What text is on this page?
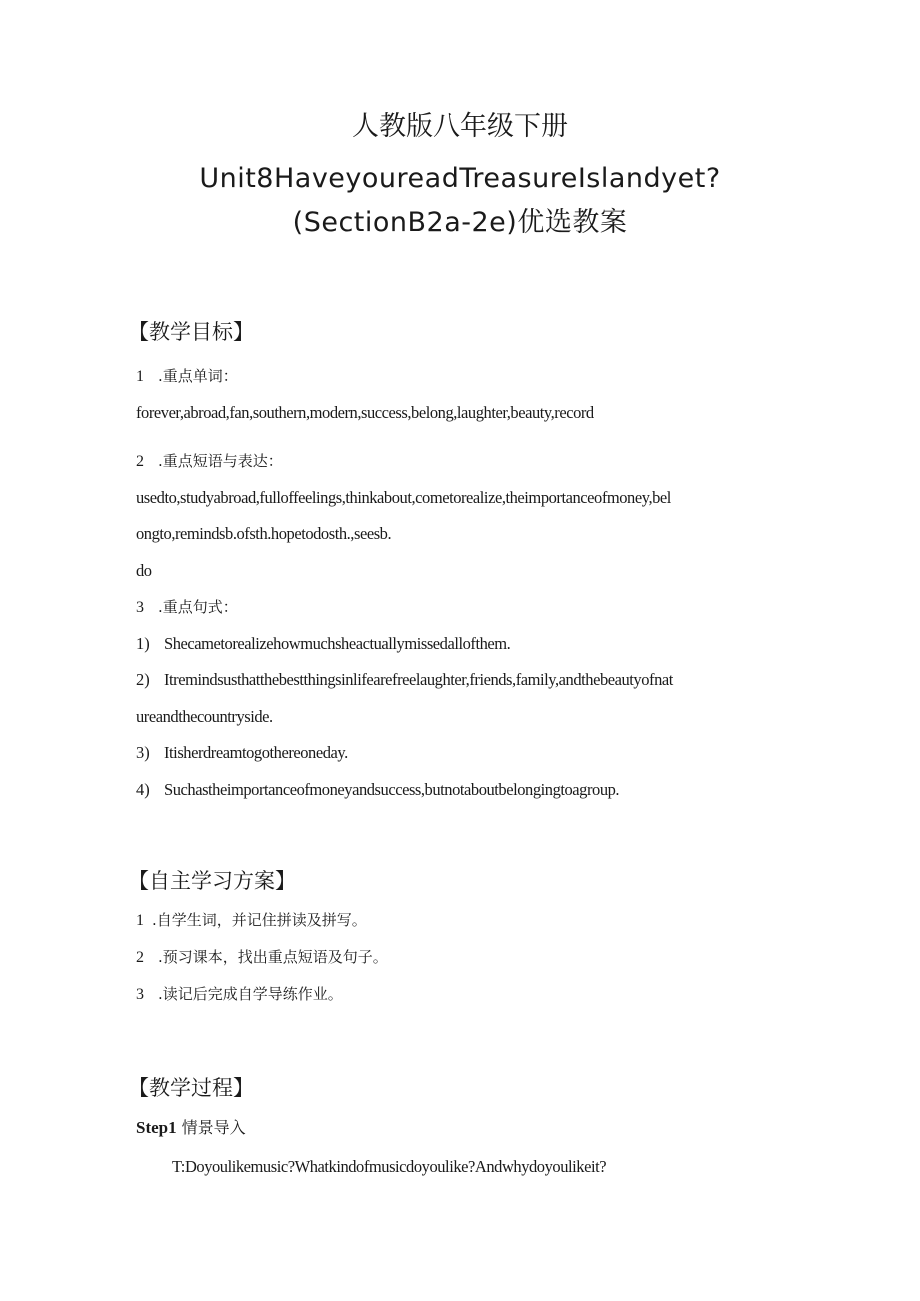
人教版八年级下册
Unit8HaveyoureadTreasureIslandyet?
(SectionB2a-2e)优选教案
【教学目标】
1 .重点单词：
forever,abroad,fan,southern,modern,success,belong,laughter,beauty,record
2 .重点短语与表达：
usedto,studyabroad,fulloffeelings,thinkabout,cometorealize,theimportanceofmoney,bel
ongto,remindsb.ofsth.hopetodosth.,seesb.
do
3 .重点句式：
1) Shecametorealizehowmuchsheactuallymissedallofthem.
2) Itremindsusthatthebestthingsinlifearefreelaughter,friends,family,andthebeautyofnat
ureandthecountryside.
3) Itisherdreamtogothereoneday.
4) Suchastheimportanceofmoneyandsuccess,butnotaboutbelongingtoagroup.
【自主学习方案】
1 .自学生词，并记住拼读及拼写。
2 .预习课本，找出重点短语及句子。
3 .读记后完成自学导练作业。
【教学过程】
Step1 情景导入
T:Doyoulikemusic?Whatkindofmusicdoyoulike?Andwhydoyoulikeit?
